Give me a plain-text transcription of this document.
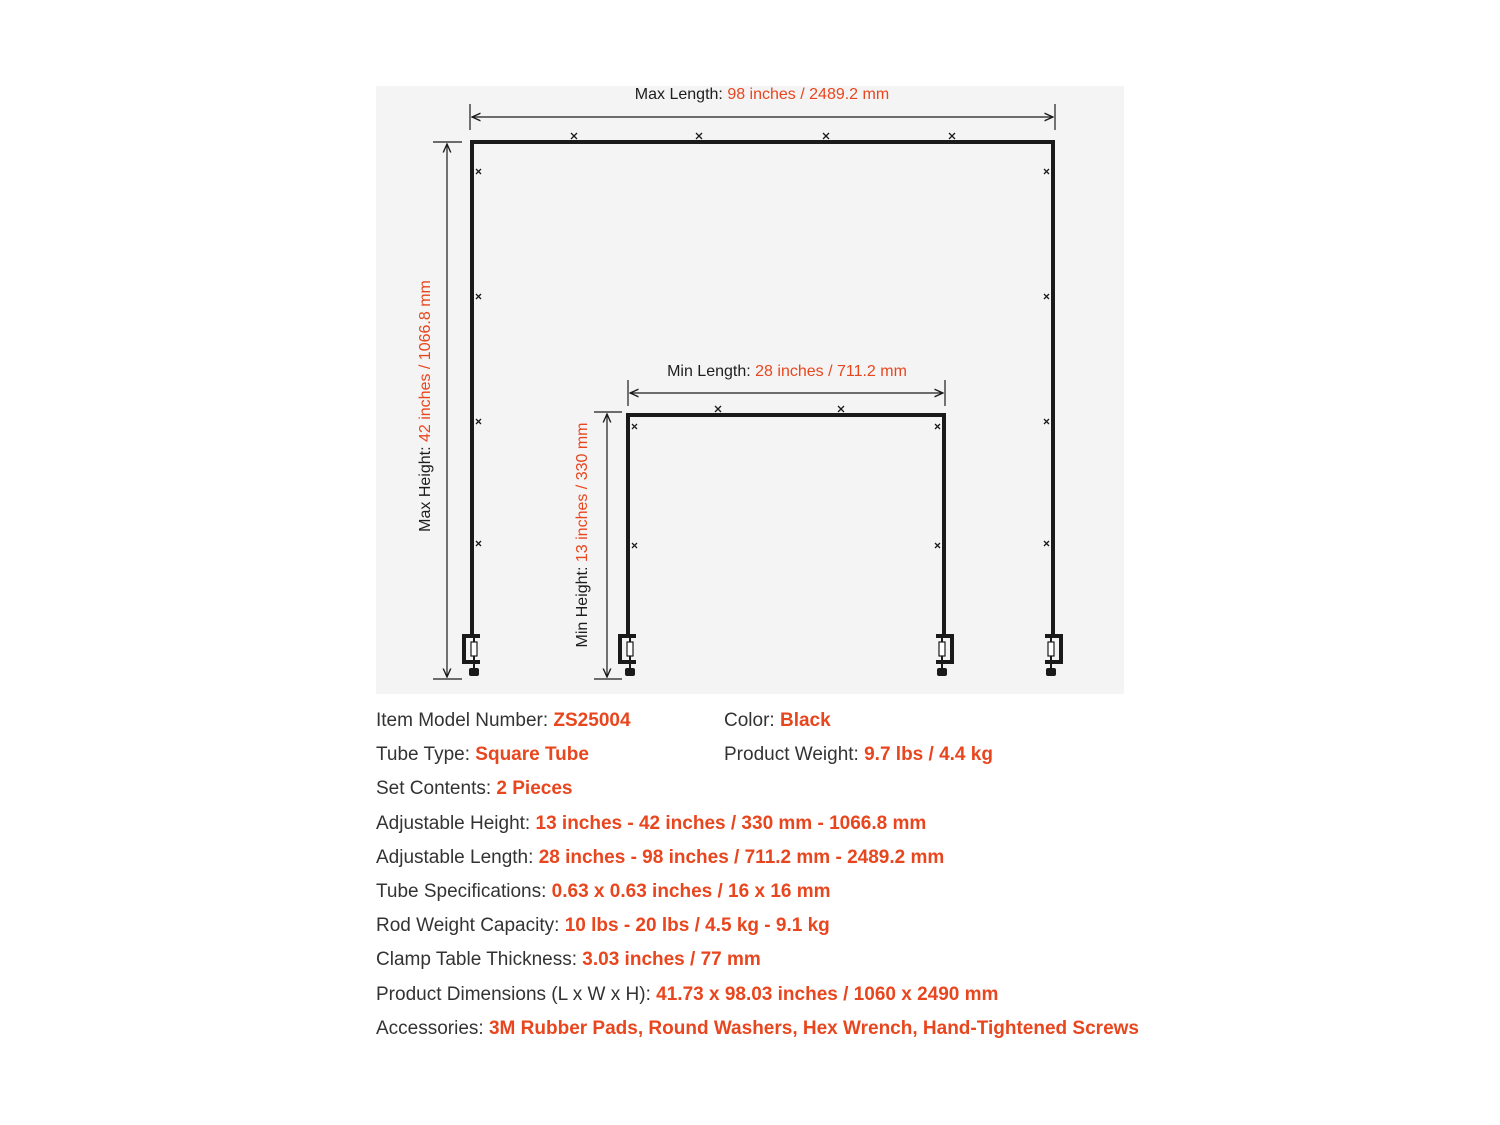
Max Length: 98 inches / 2489.2 mm
Min Length: 28 inches / 711.2 mm
Max Height: 42 inches / 1066.8 mm
Min Height: 13 inches / 330 mm
Item Model Number: ZS25004	Color: Black
Tube Type: Square Tube	Product Weight: 9.7 lbs / 4.4 kg
Set Contents: 2 Pieces
Adjustable Height: 13 inches - 42 inches / 330 mm - 1066.8 mm
Adjustable Length: 28 inches - 98 inches / 711.2 mm - 2489.2 mm
Tube Specifications: 0.63 x 0.63 inches / 16 x 16 mm
Rod Weight Capacity: 10 lbs - 20 lbs / 4.5 kg - 9.1 kg
Clamp Table Thickness: 3.03 inches / 77 mm
Product Dimensions (L x W x H): 41.73 x 98.03 inches / 1060 x 2490 mm
Accessories: 3M Rubber Pads, Round Washers, Hex Wrench, Hand-Tightened Screws
